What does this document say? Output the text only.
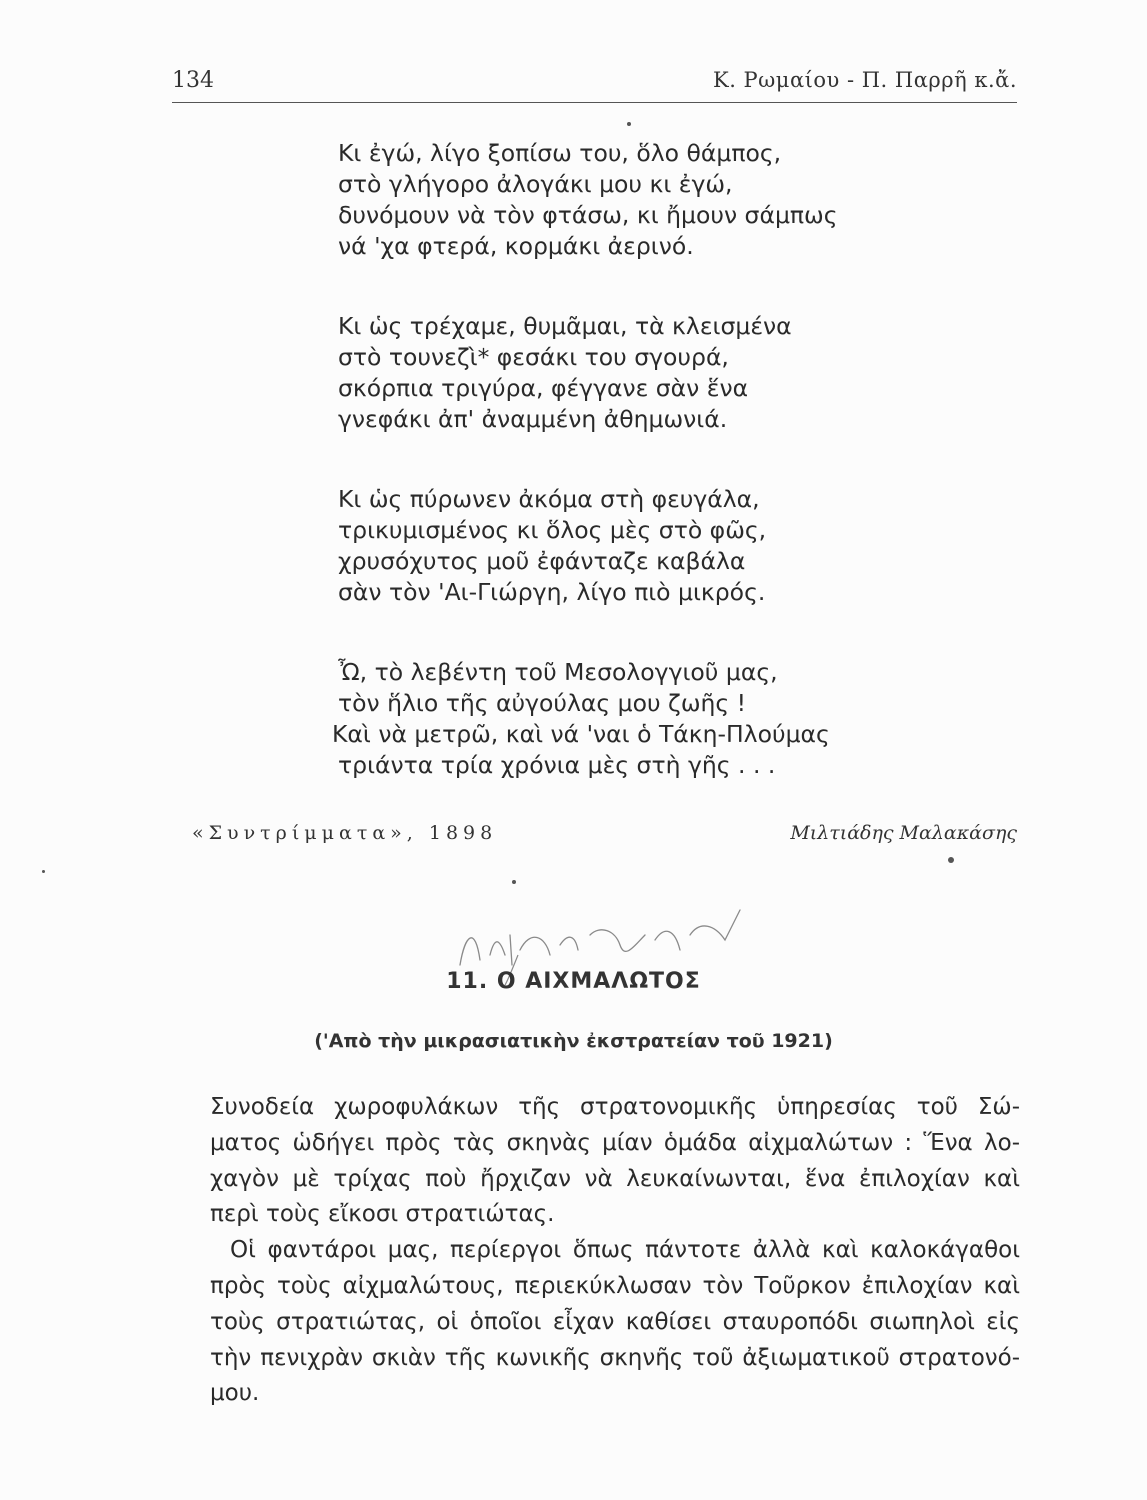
134	Κ. Ρωμαίου - Π. Παρρῆ κ.ἄ.
Κι ἐγώ, λίγο ξοπίσω του, ὅλο θάμπος,
στὸ γλήγορο ἀλογάκι μου κι ἐγώ,
δυνόμουν νὰ τὸν φτάσω, κι ἤμουν σάμπως
νά 'χα φτερά, κορμάκι ἀερινό.
Κι ὡς τρέχαμε, θυμᾶμαι, τὰ κλεισμένα
στὸ τουνεζὶ* φεσάκι του σγουρά,
σκόρπια τριγύρα, φέγγανε σὰν ἕνα
γνεφάκι ἀπ' ἀναμμένη ἀθημωνιά.
Κι ὡς πύρωνεν ἀκόμα στὴ φευγάλα,
τρικυμισμένος κι ὅλος μὲς στὸ φῶς,
χρυσόχυτος μοῦ ἐφάνταζε καβάλα
σὰν τὸν 'Αι-Γιώργη, λίγο πιὸ μικρός.
Ὦ, τὸ λεβέντη τοῦ Μεσολογγιοῦ μας,
τὸν ἥλιο τῆς αὐγούλας μου ζωῆς !
Καὶ νὰ μετρῶ, καὶ νά 'ναι ὁ Τάκη-Πλούμας
τριάντα τρία χρόνια μὲς στὴ γῆς . . .
«Συντρίμματα», 1898	Μιλτιάδης Μαλακάσης
11. Ο ΑΙΧΜΑΛΩΤΟΣ
('Απὸ τὴν μικρασιατικὴν ἐκστρατείαν τοῦ 1921)
Συνοδεία χωροφυλάκων τῆς στρατονομικῆς ὑπηρεσίας τοῦ Σώ-
ματος ὡδήγει πρὸς τὰς σκηνὰς μίαν ὁμάδα αἰχμαλώτων : Ἕνα λο-
χαγὸν μὲ τρίχας ποὺ ἤρχιζαν νὰ λευκαίνωνται, ἕνα ἐπιλοχίαν καὶ
περὶ τοὺς εἴκοσι στρατιώτας.
Οἱ φαντάροι μας, περίεργοι ὅπως πάντοτε ἀλλὰ καὶ καλοκάγαθοι
πρὸς τοὺς αἰχμαλώτους, περιεκύκλωσαν τὸν Τοῦρκον ἐπιλοχίαν καὶ
τοὺς στρατιώτας, οἱ ὁποῖοι εἶχαν καθίσει σταυροπόδι σιωπηλοὶ εἰς
τὴν πενιχρὰν σκιὰν τῆς κωνικῆς σκηνῆς τοῦ ἀξιωματικοῦ στρατονό-
μου.
